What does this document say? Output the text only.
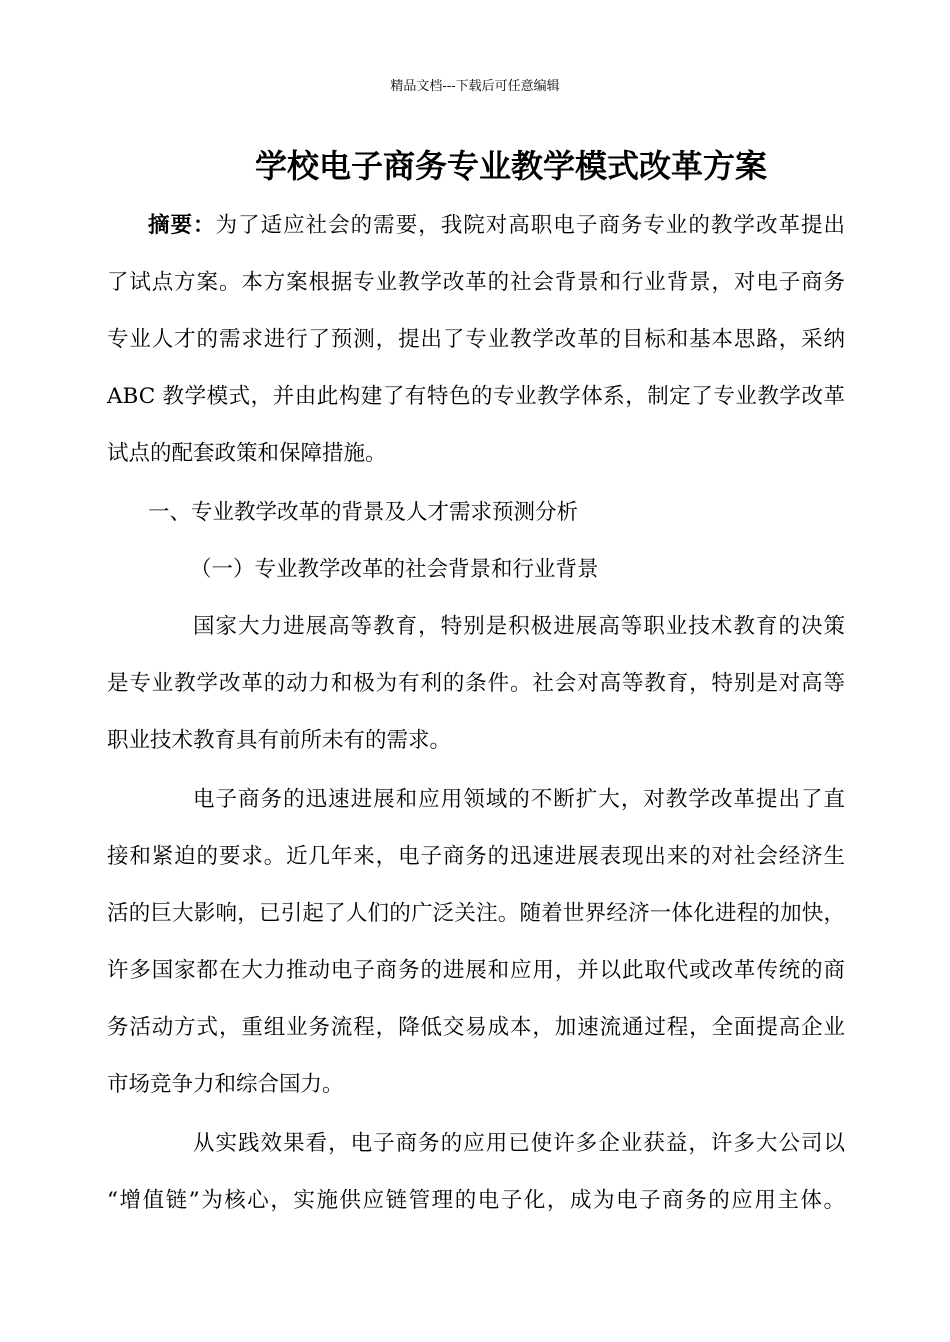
精品文档---下载后可任意编辑
学校电子商务专业教学模式改革方案
摘要：为了适应社会的需要，我院对高职电子商务专业的教学改革提出
了试点方案。本方案根据专业教学改革的社会背景和行业背景，对电子商务
专业人才的需求进行了预测，提出了专业教学改革的目标和基本思路，采纳
ABC 教学模式，并由此构建了有特色的专业教学体系，制定了专业教学改革
试点的配套政策和保障措施。
一、专业教学改革的背景及人才需求预测分析
（一）专业教学改革的社会背景和行业背景
国家大力进展高等教育，特别是积极进展高等职业技术教育的决策
是专业教学改革的动力和极为有利的条件。社会对高等教育，特别是对高等
职业技术教育具有前所未有的需求。
电子商务的迅速进展和应用领域的不断扩大，对教学改革提出了直
接和紧迫的要求。近几年来，电子商务的迅速进展表现出来的对社会经济生
活的巨大影响，已引起了人们的广泛关注。随着世界经济一体化进程的加快，
许多国家都在大力推动电子商务的进展和应用，并以此取代或改革传统的商
务活动方式，重组业务流程，降低交易成本，加速流通过程，全面提高企业
市场竞争力和综合国力。
从实践效果看，电子商务的应用已使许多企业获益，许多大公司以
“增值链”为核心，实施供应链管理的电子化，成为电子商务的应用主体。
